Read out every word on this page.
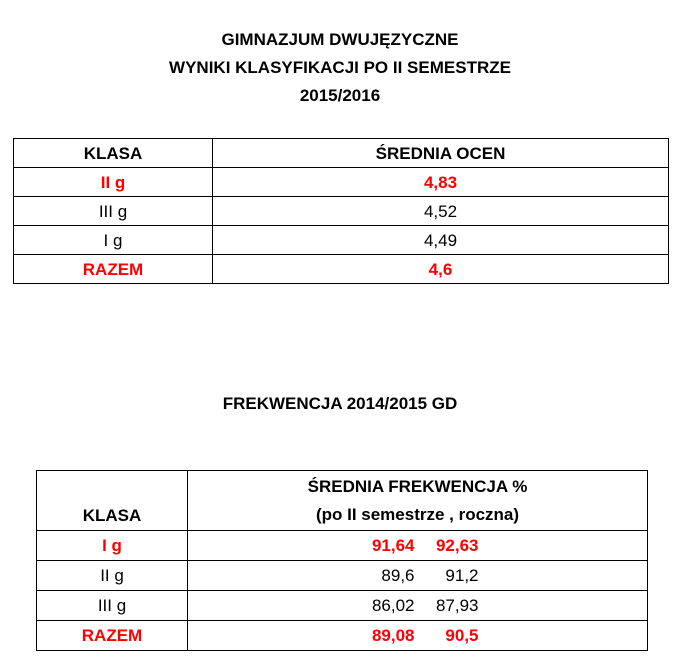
GIMNAZJUM DWUJĘZYCZNE
WYNIKI KLASYFIKACJI PO II SEMESTRZE
2015/2016
KLASA	ŚREDNIA OCEN
II g	4,83
III g	4,52
I g	4,49
RAZEM	4,6
FREKWENCJA 2014/2015 GD
KLASA	ŚREDNIA FREKWENCJA %
(po II semestrze , roczna)

I g	91,64 92,63
II g	89,6 91,2
III g	86,02 87,93
RAZEM	89,08 90,5
